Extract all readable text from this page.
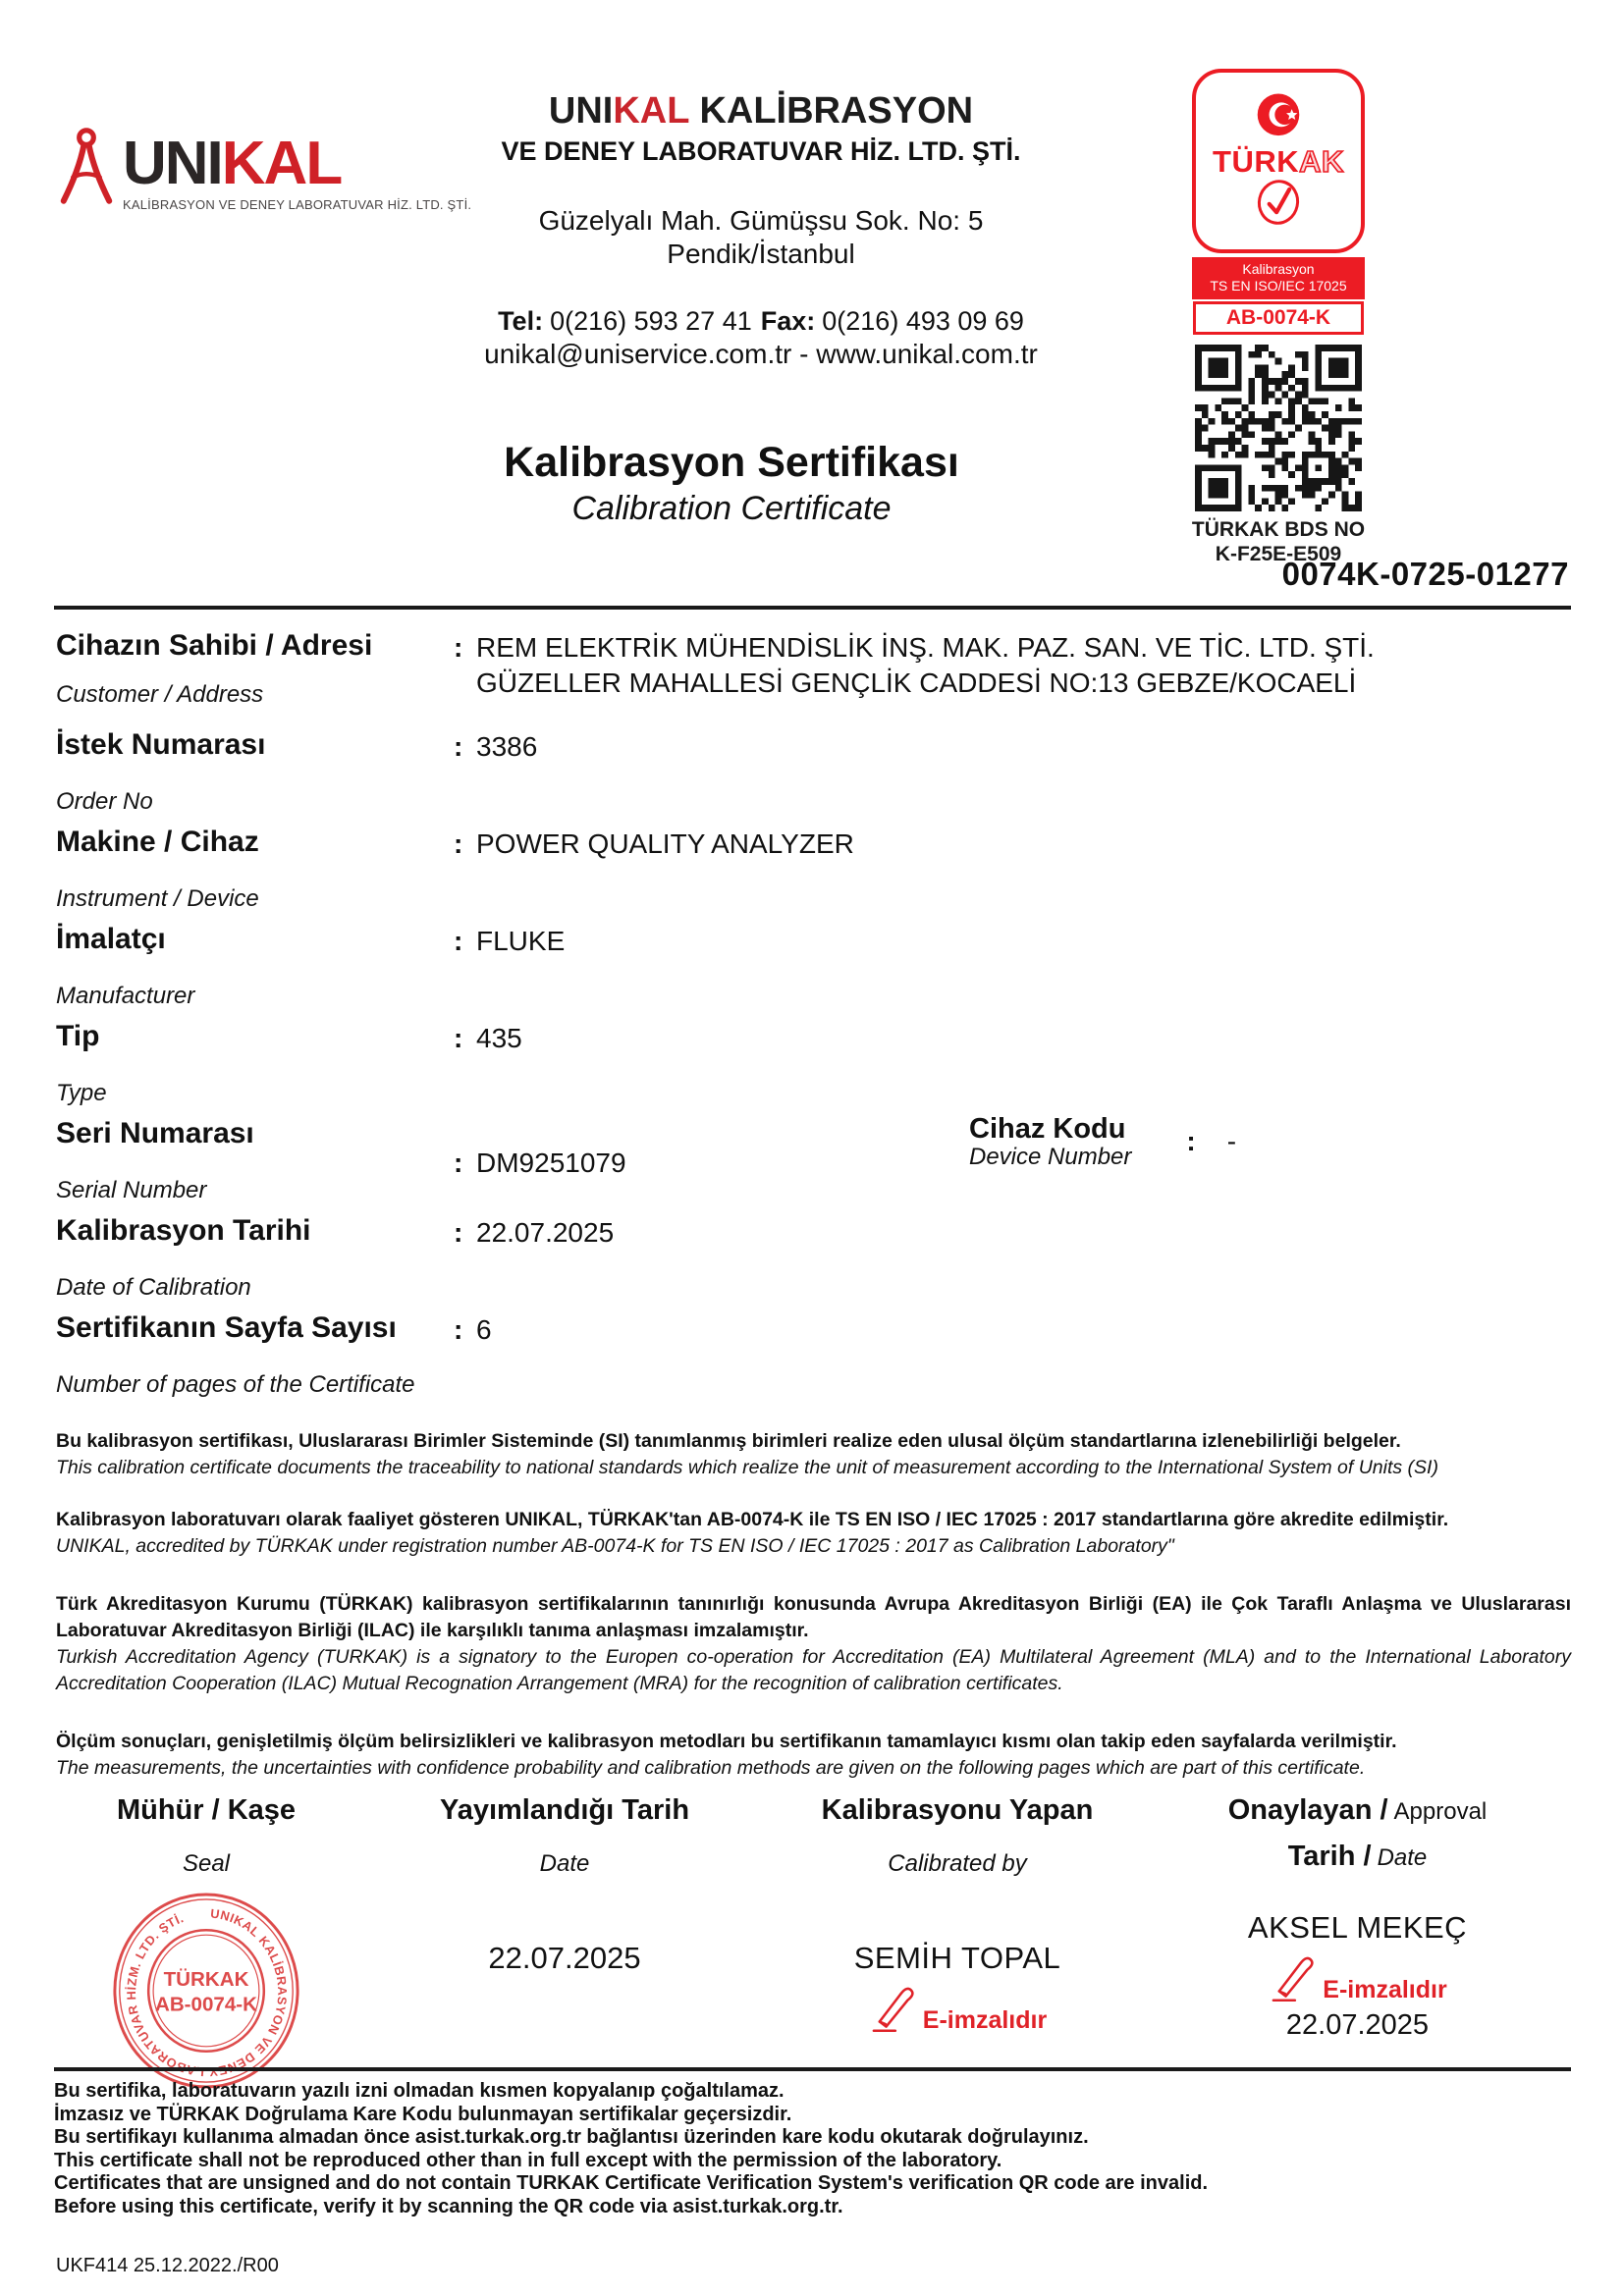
UNIKAL
KALİBRASYON VE DENEY LABORATUVAR HİZ. LTD. ŞTİ.
UNIKAL KALİBRASYON
VE DENEY LABORATUVAR HİZ. LTD. ŞTİ.
Güzelyalı Mah. Gümüşsu Sok. No: 5
Pendik/İstanbul
Tel: 0(216) 593 27 41 Fax: 0(216) 493 09 69
unikal@uniservice.com.tr - www.unikal.com.tr
TÜRK AK
Kalibrasyon
TS EN ISO/IEC 17025
AB-0074-K
TÜRKAK BDS NO
K-F25E-E509
Kalibrasyon Sertifikası
Calibration Certificate
0074K-0725-01277
Cihazın Sahibi / Adresi
Customer / Address
: REM ELEKTRİK MÜHENDİSLİK İNŞ. MAK. PAZ. SAN. VE TİC. LTD. ŞTİ.
GÜZELLER MAHALLESİ GENÇLİK CADDESİ NO:13 GEBZE/KOCAELİ
İstek Numarası
Order No
: 3386
Makine / Cihaz
Instrument / Device
: POWER QUALITY ANALYZER
İmalatçı
Manufacturer
: FLUKE
Tip
Type
: 435
Seri Numarası
Serial Number
: DM9251079
Cihaz Kodu
Device Number
: -
Kalibrasyon Tarihi
Date of Calibration
: 22.07.2025
Sertifikanın Sayfa Sayısı
Number of pages of the Certificate
: 6
Bu kalibrasyon sertifikası, Uluslararası Birimler Sisteminde (SI) tanımlanmış birimleri realize eden ulusal ölçüm standartlarına izlenebilirliği belgeler.
This calibration certificate documents the traceability to national standards which realize the unit of measurement according to the International System of Units (SI)
Kalibrasyon laboratuvarı olarak faaliyet gösteren UNIKAL, TÜRKAK'tan AB-0074-K ile TS EN ISO / IEC 17025 : 2017 standartlarına göre akredite edilmiştir.
UNIKAL, accredited by TÜRKAK under registration number AB-0074-K for TS EN ISO / IEC 17025 : 2017 as Calibration Laboratory"
Türk Akreditasyon Kurumu (TÜRKAK) kalibrasyon sertifikalarının tanınırlığı konusunda Avrupa Akreditasyon Birliği (EA) ile Çok Taraflı Anlaşma ve Uluslararası Laboratuvar Akreditasyon Birliği (ILAC) ile karşılıklı tanıma anlaşması imzalamıştır.
Turkish Accreditation Agency (TURKAK) is a signatory to the Europen co-operation for Accreditation (EA) Multilateral Agreement (MLA) and to the International Laboratory Accreditation Cooperation (ILAC) Mutual Recognation Arrangement (MRA) for the recognition of calibration certificates.
Ölçüm sonuçları, genişletilmiş ölçüm belirsizlikleri ve kalibrasyon metodları bu sertifikanın tamamlayıcı kısmı olan takip eden sayfalarda verilmiştir.
The measurements, the uncertainties with confidence probability and calibration methods are given on the following pages which are part of this certificate.
Mühür / Kaşe
Seal
UNIKAL KALİBRASYON VE DENEY LABORATUVAR HİZM. LTD. ŞTİ.
TÜRKAK
AB-0074-K
Yayımlandığı Tarih
Date
22.07.2025
Kalibrasyonu Yapan
Calibrated by
SEMİH TOPAL
E-imzalıdır
Onaylayan / Approval
Tarih / Date
AKSEL MEKEÇ
E-imzalıdır
22.07.2025
Bu sertifika, laboratuvarın yazılı izni olmadan kısmen kopyalanıp çoğaltılamaz.
İmzasız ve TÜRKAK Doğrulama Kare Kodu bulunmayan sertifikalar geçersizdir.
Bu sertifikayı kullanıma almadan önce asist.turkak.org.tr bağlantısı üzerinden kare kodu okutarak doğrulayınız.
This certificate shall not be reproduced other than in full except with the permission of the laboratory.
Certificates that are unsigned and do not contain TURKAK Certificate Verification System's verification QR code are invalid.
Before using this certificate, verify it by scanning the QR code via asist.turkak.org.tr.
UKF414 25.12.2022./R00
